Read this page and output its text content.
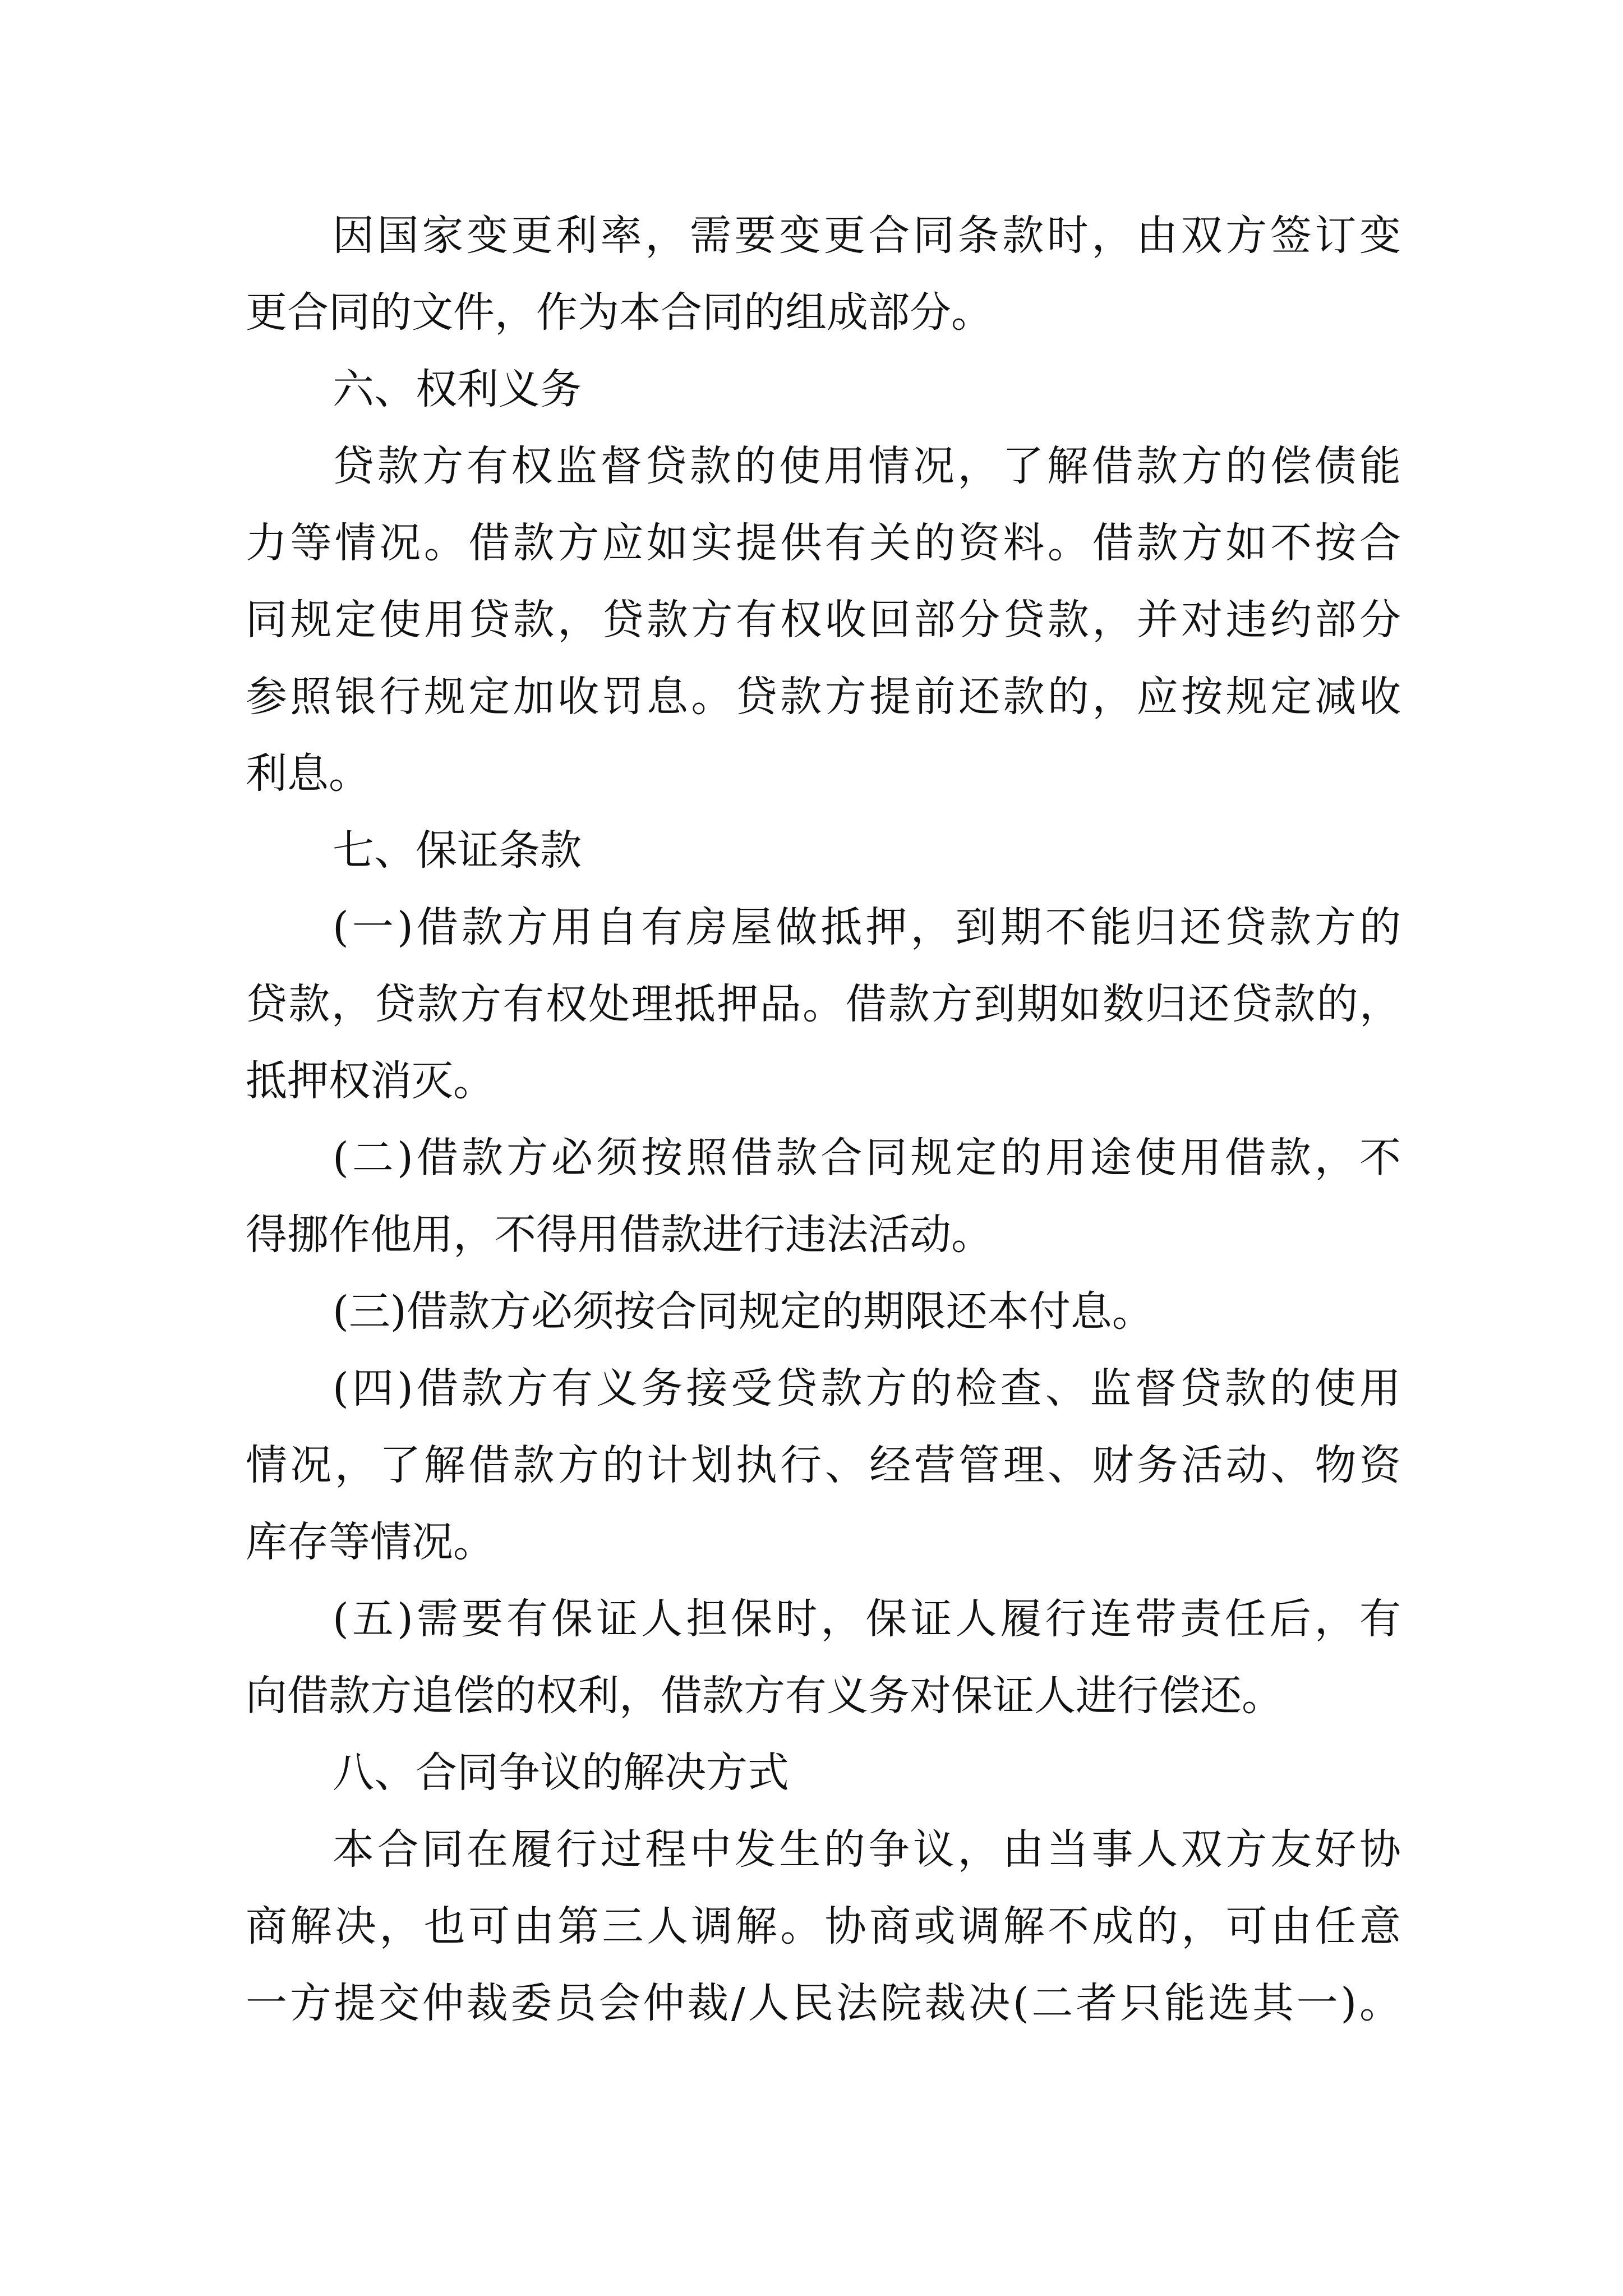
因国家变更利率，需要变更合同条款时，由双方签订变

更合同的文件，作为本合同的组成部分。

六、权利义务

贷款方有权监督贷款的使用情况，了解借款方的偿债能

力等情况。借款方应如实提供有关的资料。借款方如不按合

同规定使用贷款，贷款方有权收回部分贷款，并对违约部分

参照银行规定加收罚息。贷款方提前还款的，应按规定减收

利息。

七、保证条款

(一)借款方用自有房屋做抵押，到期不能归还贷款方的

贷款，贷款方有权处理抵押品。借款方到期如数归还贷款的，

抵押权消灭。

(二)借款方必须按照借款合同规定的用途使用借款，不

得挪作他用，不得用借款进行违法活动。

(三)借款方必须按合同规定的期限还本付息。

(四)借款方有义务接受贷款方的检查、监督贷款的使用

情况，了解借款方的计划执行、经营管理、财务活动、物资

库存等情况。

(五)需要有保证人担保时，保证人履行连带责任后，有

向借款方追偿的权利，借款方有义务对保证人进行偿还。

八、合同争议的解决方式

本合同在履行过程中发生的争议，由当事人双方友好协

商解决，也可由第三人调解。协商或调解不成的，可由任意

一方提交仲裁委员会仲裁/人民法院裁决(二者只能选其一)。
